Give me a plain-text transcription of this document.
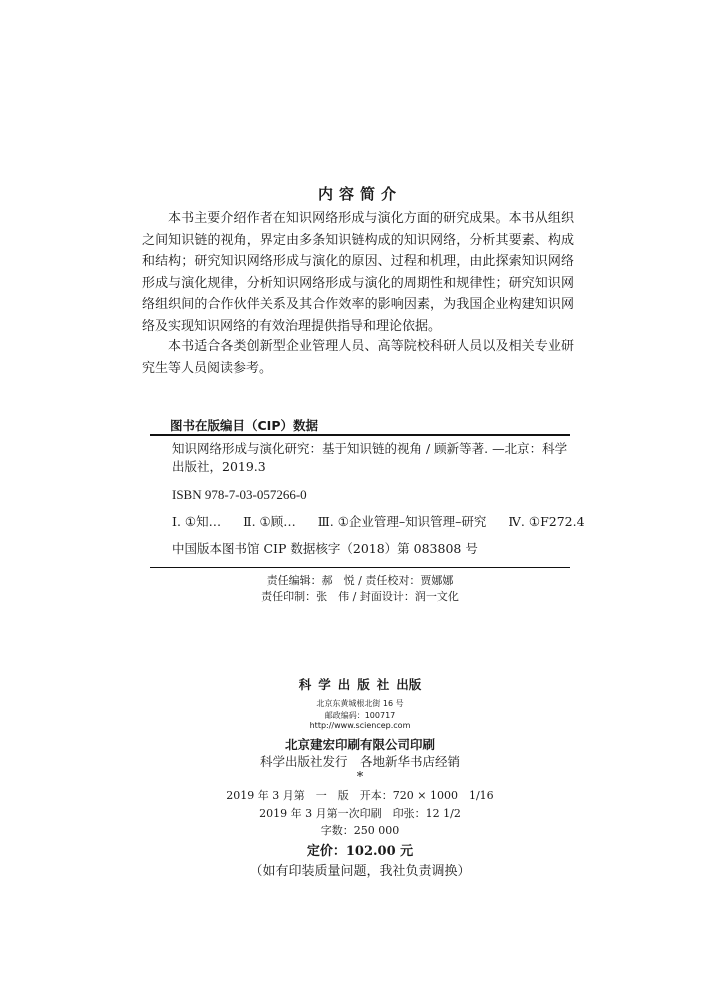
内容简介

本书主要介绍作者在知识网络形成与演化方面的研究成果。本书从组织之间知识链的视角，界定由多条知识链构成的知识网络，分析其要素、构成和结构；研究知识网络形成与演化的原因、过程和机理，由此探索知识网络形成与演化规律，分析知识网络形成与演化的周期性和规律性；研究知识网络组织间的合作伙伴关系及其合作效率的影响因素，为我国企业构建知识网络及实现知识网络的有效治理提供指导和理论依据。

本书适合各类创新型企业管理人员、高等院校科研人员以及相关专业研究生等人员阅读参考。

图书在版编目（CIP）数据
知识网络形成与演化研究：基于知识链的视角 / 顾新等著. —北京：科学出版社，2019.3
ISBN 978-7-03-057266-0
Ⅰ. ①知… Ⅱ. ①顾… Ⅲ. ①企业管理–知识管理–研究 Ⅳ. ①F272.4
中国版本图书馆 CIP 数据核字（2018）第 083808 号
责任编辑：郝　悦 / 责任校对：贾娜娜
责任印制：张　伟 / 封面设计：润一文化
科学出版社出版
北京东黄城根北街 16 号
邮政编码：100717
http://www.sciencep.com
北京建宏印刷有限公司印刷
科学出版社发行　各地新华书店经销
*
2019 年 3 月第　一　版　 开本：720 × 1000　1/16
2019 年 3 月第一次印刷　 印张：12 1/2
字数：250 000
定价：102.00 元
（如有印装质量问题，我社负责调换）
